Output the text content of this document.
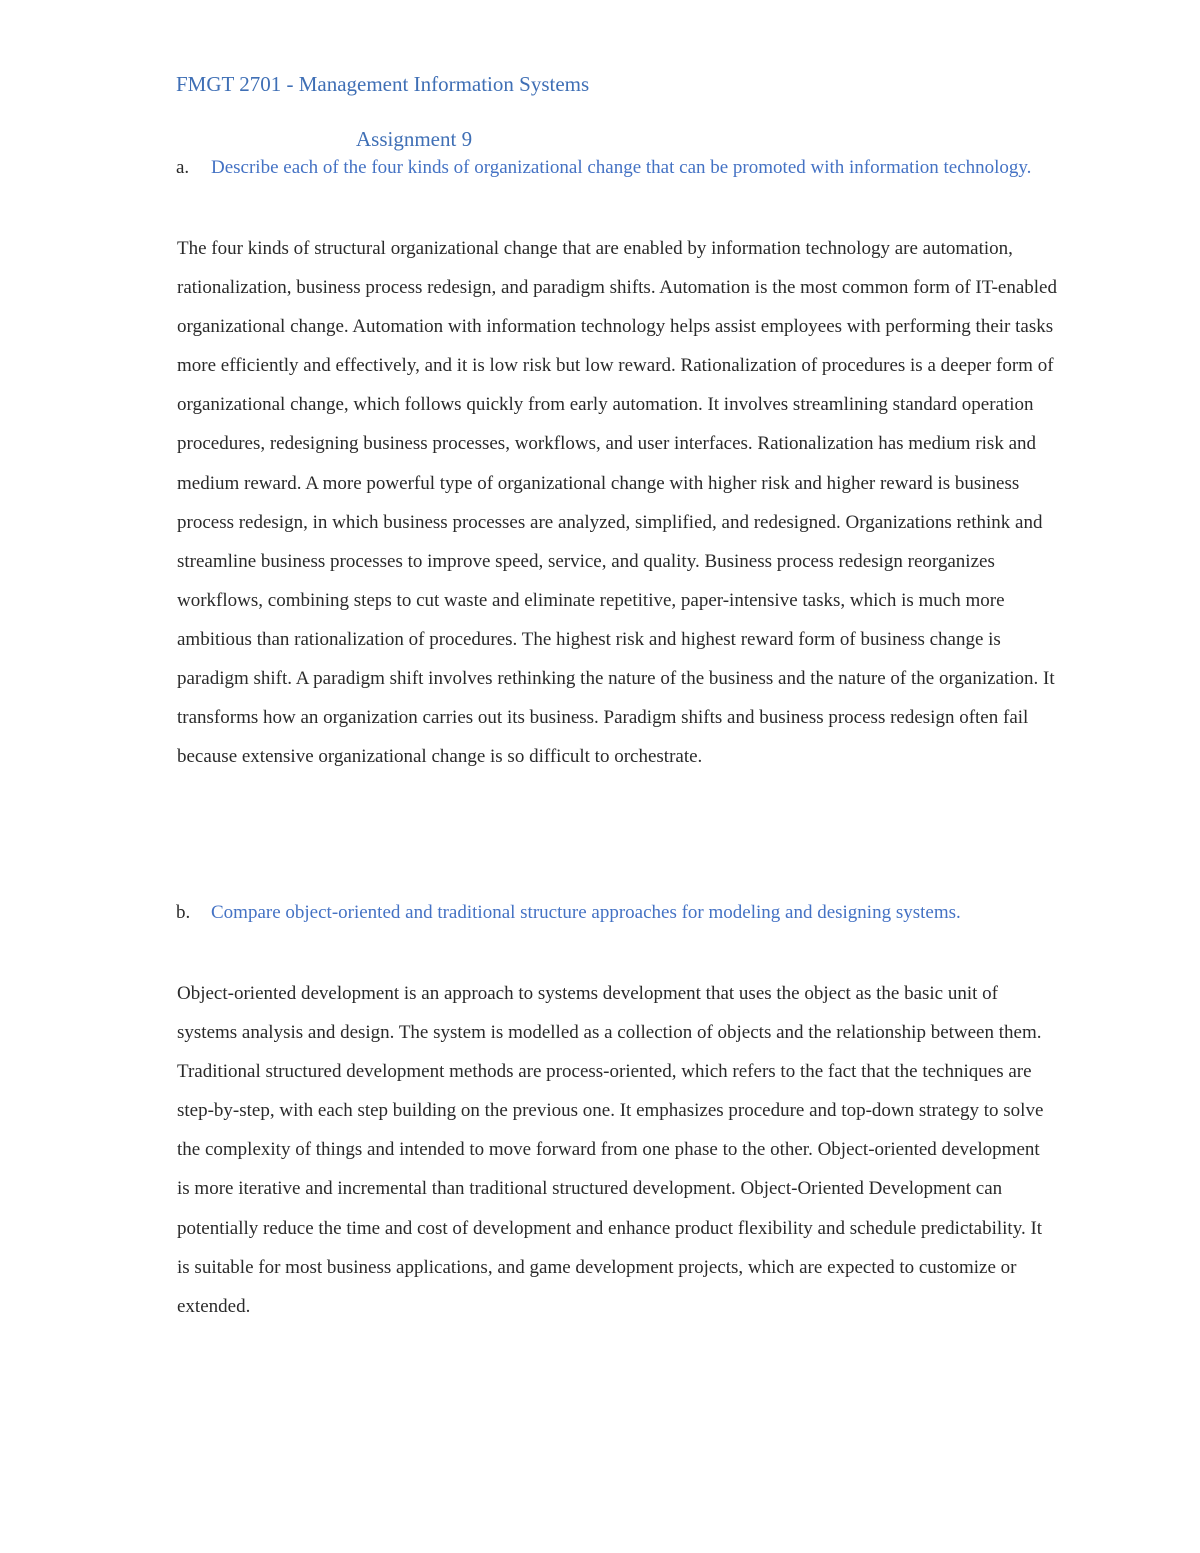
FMGT 2701 - Management Information Systems
Assignment 9
a. Describe each of the four kinds of organizational change that can be promoted with information technology.
The four kinds of structural organizational change that are enabled by information technology are automation, rationalization, business process redesign, and paradigm shifts. Automation is the most common form of IT-enabled organizational change. Automation with information technology helps assist employees with performing their tasks more efficiently and effectively, and it is low risk but low reward. Rationalization of procedures is a deeper form of organizational change, which follows quickly from early automation. It involves streamlining standard operation procedures, redesigning business processes, workflows, and user interfaces. Rationalization has medium risk and medium reward. A more powerful type of organizational change with higher risk and higher reward is business process redesign, in which business processes are analyzed, simplified, and redesigned. Organizations rethink and streamline business processes to improve speed, service, and quality. Business process redesign reorganizes workflows, combining steps to cut waste and eliminate repetitive, paper-intensive tasks, which is much more ambitious than rationalization of procedures. The highest risk and highest reward form of business change is paradigm shift. A paradigm shift involves rethinking the nature of the business and the nature of the organization. It transforms how an organization carries out its business. Paradigm shifts and business process redesign often fail because extensive organizational change is so difficult to orchestrate.
b. Compare object-oriented and traditional structure approaches for modeling and designing systems.
Object-oriented development is an approach to systems development that uses the object as the basic unit of systems analysis and design. The system is modelled as a collection of objects and the relationship between them. Traditional structured development methods are process-oriented, which refers to the fact that the techniques are step-by-step, with each step building on the previous one. It emphasizes procedure and top-down strategy to solve the complexity of things and intended to move forward from one phase to the other. Object-oriented development is more iterative and incremental than traditional structured development. Object-Oriented Development can potentially reduce the time and cost of development and enhance product flexibility and schedule predictability. It is suitable for most business applications, and game development projects, which are expected to customize or extended.
